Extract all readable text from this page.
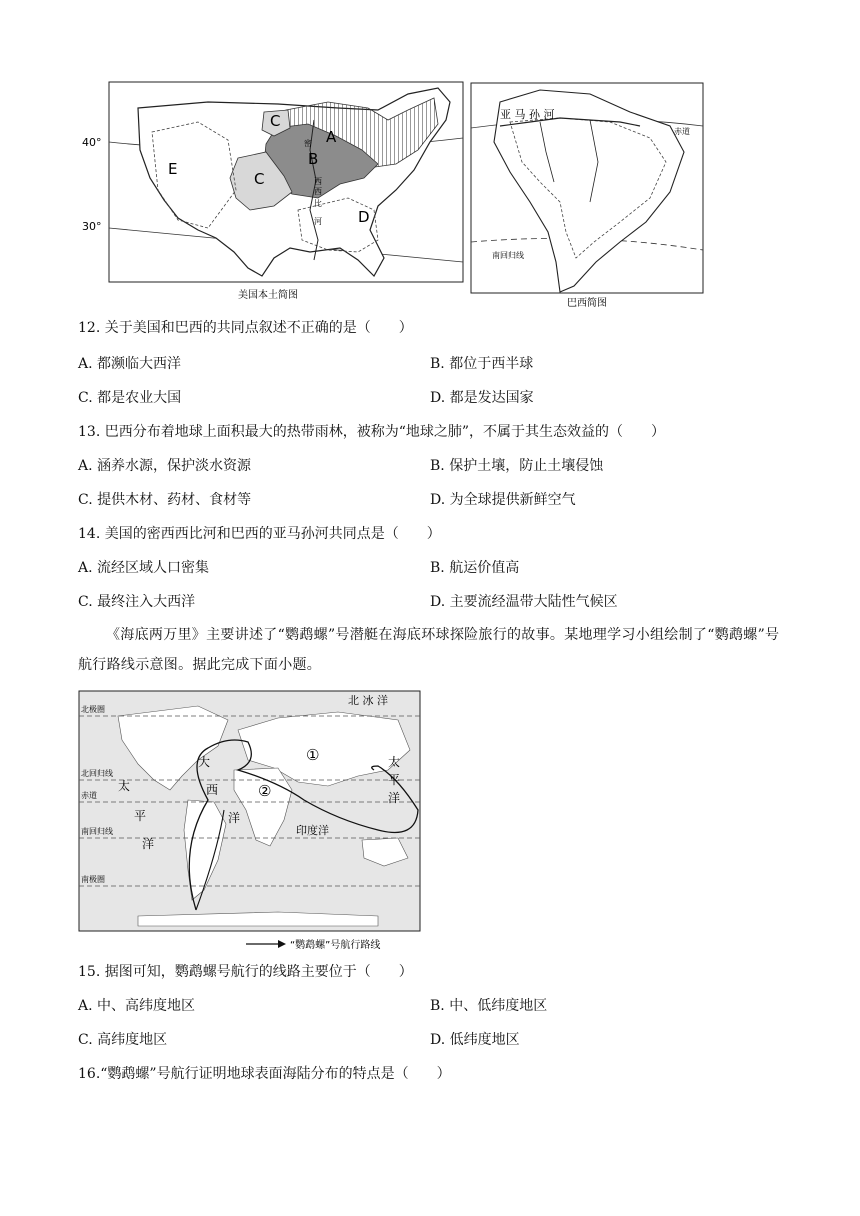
A
B
C
C
D
E
密
西
西
比
河
40°
30°
美国本土简图
亚 马 孙 河
赤道
南回归线
巴西简图
12. 关于美国和巴西的共同点叙述不正确的是（　　）
A. 都濒临大西洋	B. 都位于西半球
C. 都是农业大国	D. 都是发达国家
13. 巴西分布着地球上面积最大的热带雨林，被称为“地球之肺”，不属于其生态效益的（　　）
A. 涵养水源，保护淡水资源	B. 保护土壤，防止土壤侵蚀
C. 提供木材、药材、食材等	D. 为全球提供新鲜空气
14. 美国的密西西比河和巴西的亚马孙河共同点是（　　）
A. 流经区域人口密集	B. 航运价值高
C. 最终注入大西洋	D. 主要流经温带大陆性气候区
《海底两万里》主要讲述了“鹦鹉螺”号潜艇在海底环球探险旅行的故事。某地理学习小组绘制了“鹦鹉螺”号航行路线示意图。据此完成下面小题。
北极圈
北回归线
赤道
南回归线
南极圈
北 冰 洋
大
西
洋
太
平
洋
太
平
洋
印度洋
①
②
“鹦鹉螺”号航行路线
15. 据图可知，鹦鹉螺号航行的线路主要位于（　　）
A. 中、高纬度地区	B. 中、低纬度地区
C. 高纬度地区	D. 低纬度地区
16.“鹦鹉螺”号航行证明地球表面海陆分布的特点是（　　）
